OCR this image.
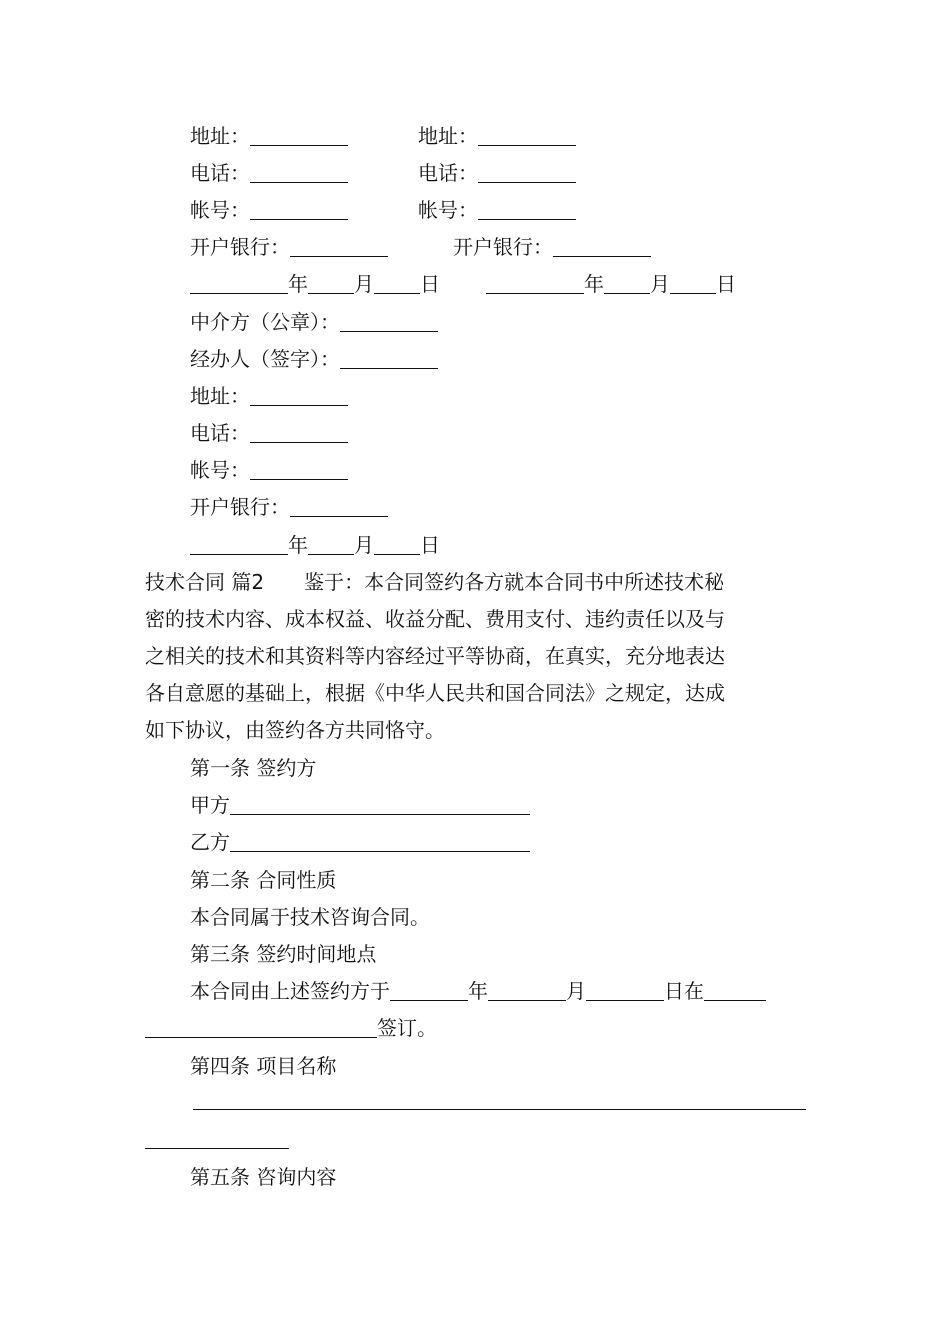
地址：	地址：
电话：	电话：
帐号：	帐号：
开户银行：	开户银行：
年 月 日	年 月 日
中介方（公章）：
经办人（签字）：
地址：
电话：
帐号：
开户银行：
年 月 日
技术合同 篇2 鉴于：本合同签约各方就本合同书中所述技术秘
密的技术内容、成本权益、收益分配、费用支付、违约责任以及与
之相关的技术和其资料等内容经过平等协商，在真实，充分地表达
各自意愿的基础上，根据《中华人民共和国合同法》之规定，达成
如下协议，由签约各方共同恪守。
第一条 签约方
甲方
乙方
第二条 合同性质
本合同属于技术咨询合同。
第三条 签约时间地点
本合同由上述签约方于	年	月	日在
签订。
第四条 项目名称
第五条 咨询内容
